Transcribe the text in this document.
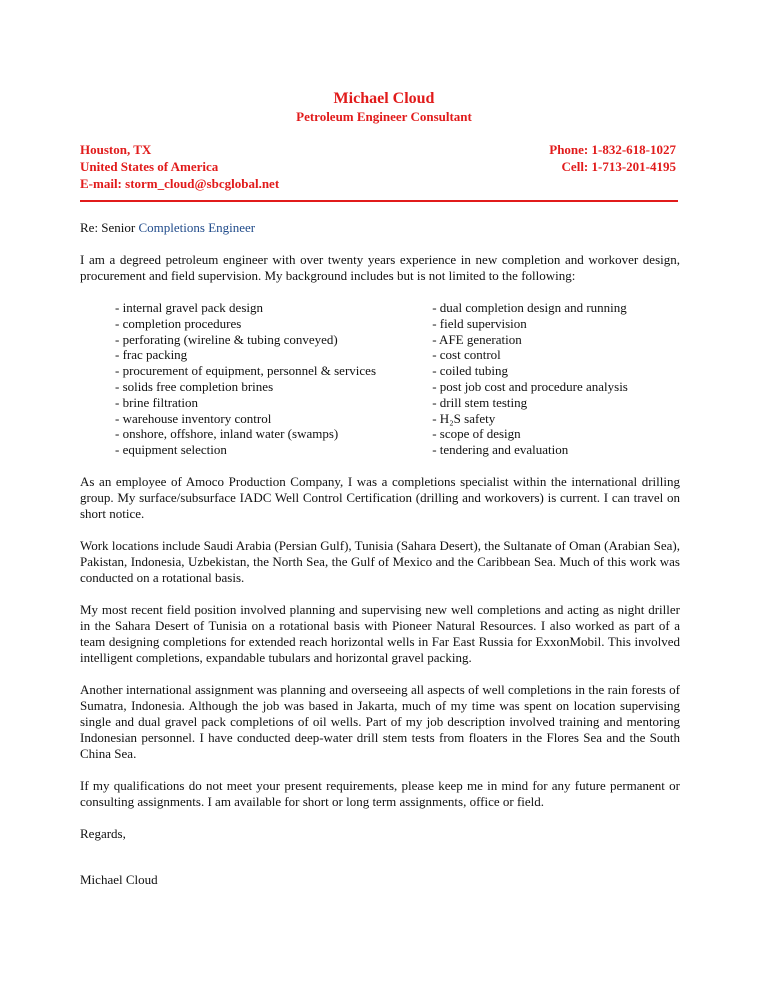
Michael Cloud
Petroleum Engineer Consultant
Houston, TX
United States of America
E-mail: storm_cloud@sbcglobal.net
Phone: 1-832-618-1027
Cell: 1-713-201-4195
Re: Senior Completions Engineer

I am a degreed petroleum engineer with over twenty years experience in new completion and workover design, procurement and field supervision. My background includes but is not limited to the following:

- internal gravel pack design
- completion procedures
- perforating (wireline & tubing conveyed)
- frac packing
- procurement of equipment, personnel & services
- solids free completion brines
- brine filtration
- warehouse inventory control
- onshore, offshore, inland water (swamps)
- equipment selection
- dual completion design and running
- field supervision
- AFE generation
- cost control
- coiled tubing
- post job cost and procedure analysis
- drill stem testing
- H₂S safety
- scope of design
- tendering and evaluation

As an employee of Amoco Production Company, I was a completions specialist within the international drilling group. My surface/subsurface IADC Well Control Certification (drilling and workovers) is current. I can travel on short notice.

Work locations include Saudi Arabia (Persian Gulf), Tunisia (Sahara Desert), the Sultanate of Oman (Arabian Sea), Pakistan, Indonesia, Uzbekistan, the North Sea, the Gulf of Mexico and the Caribbean Sea. Much of this work was conducted on a rotational basis.

My most recent field position involved planning and supervising new well completions and acting as night driller in the Sahara Desert of Tunisia on a rotational basis with Pioneer Natural Resources. I also worked as part of a team designing completions for extended reach horizontal wells in Far East Russia for ExxonMobil. This involved intelligent completions, expandable tubulars and horizontal gravel packing.

Another international assignment was planning and overseeing all aspects of well completions in the rain forests of Sumatra, Indonesia. Although the job was based in Jakarta, much of my time was spent on location supervising single and dual gravel pack completions of oil wells. Part of my job description involved training and mentoring Indonesian personnel. I have conducted deep-water drill stem tests from floaters in the Flores Sea and the South China Sea.

If my qualifications do not meet your present requirements, please keep me in mind for any future permanent or consulting assignments. I am available for short or long term assignments, office or field.

Regards,
Michael Cloud
